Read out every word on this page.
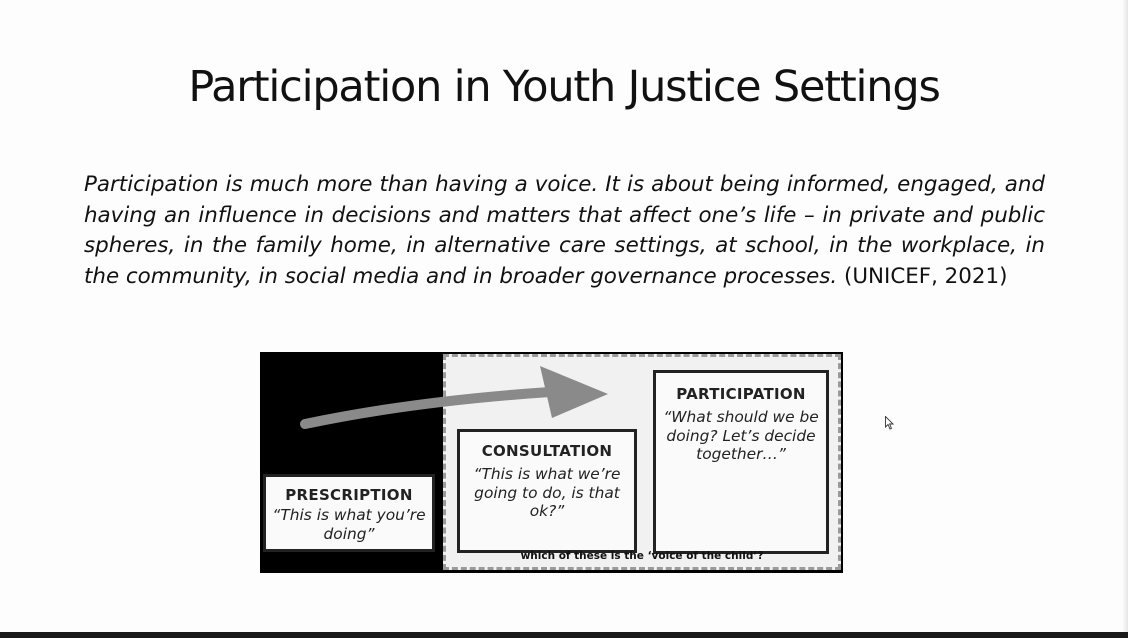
Participation in Youth Justice Settings
Participation is much more than having a voice. It is about being informed, engaged, and having an influence in decisions and matters that affect one’s life – in private and public spheres, in the family home, in alternative care settings, at school, in the workplace, in the community, in social media and in broader governance processes. (UNICEF, 2021)
PRESCRIPTION
“This is what you’re doing”
CONSULTATION
“This is what we’re going to do, is that ok?”
PARTICIPATION
“What should we be doing? Let’s decide together…”
which of these is the ‘voice of the child’?
